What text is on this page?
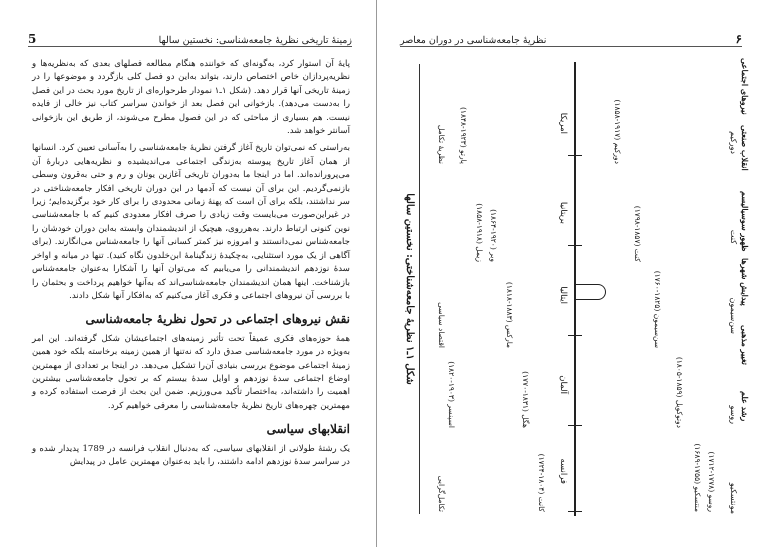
5	زمینهٔ تاریخی نظریهٔ جامعه‌شناسی: نخستین سالها

پایهٔ آن استوار کرد، به‌گونه‌ای که خواننده هنگام مطالعه فصلهای بعدی که به‌نظریه‌ها و نظریه‌پردازان خاص اختصاص دارند، بتواند به‌این دو فصل کلی بازگردد و موضوعها را در زمینهٔ تاریخی آنها قرار دهد. (شکل ۱ـ۱ نمودار طرحواره‌ای از تاریخ مورد بحث در این فصل را به‌دست می‌دهد). بازخوانی این فصل بعد از خواندن سراسر کتاب نیز خالی از فایده نیست. هم بسیاری از مباحثی که در این فصول مطرح می‌شوند، از طریق این بازخوانی آسانتر خواهد شد.

به‌راستی که نمی‌توان تاریخ آغاز گرفتن نظریهٔ جامعه‌شناسی را به‌آسانی تعیین کرد. انسانها از همان آغاز تاریخ پیوسته به‌زندگی اجتماعی می‌اندیشیده و نظریه‌هایی دربارهٔ آن می‌پرورانده‌اند. اما در اینجا ما به‌دوران تاریخی آغازین یونان و رم و حتی به‌قرون وسطی بازنمی‌گردیم. این برای آن نیست که آدمها در این دوران تاریخی افکار جامعه‌شناختی در سر نداشتند، بلکه برای آن است که پهنهٔ زمانی محدودی را برای کار خود برگزیده‌ایم؛ زیرا در غیراین‌صورت می‌بایست وقت زیادی را صرف افکار معدودی کنیم که با جامعه‌شناسی نوین کنونی ارتباط دارند. به‌هرروی، هیچیک از اندیشمندان وابسته به‌این دوران خودشان را جامعه‌شناس نمی‌دانستند و امروزه نیز کمتر کسانی آنها را جامعه‌شناس می‌انگارند. (برای آگاهی از یک مورد استثنایی، به‌چکیدهٔ زندگینامهٔ ابن‌خلدون نگاه کنید). تنها در میانه و اواخر سدهٔ نوزدهم اندیشمندانی را می‌یابیم که می‌توان آنها را آشکارا به‌عنوان جامعه‌شناس بازشناخت. اینها همان اندیشمندان جامعه‌شناسی‌اند که به‌آنها خواهیم پرداخت و بحثمان را با بررسی آن نیروهای اجتماعی و فکری آغاز می‌کنیم که به‌افکار آنها شکل دادند.

نقش نیروهای اجتماعی در تحول نظریهٔ جامعه‌شناسی

همهٔ حوزه‌های فکری عمیقاً تحت تأثیر زمینه‌های اجتماعیشان شکل گرفته‌اند. این امر به‌ویژه در مورد جامعه‌شناسی صدق دارد که نه‌تنها از همین زمینه برخاسته بلکه خود همین زمینهٔ اجتماعی موضوع بررسی بنیادی آن‌را تشکیل می‌دهد. در اینجا بر تعدادی از مهمترین اوضاع اجتماعی سدهٔ نوزدهم و اوایل سدهٔ بیستم که بر تحول جامعه‌شناسی بیشترین اهمیت را داشته‌اند، به‌اختصار تأکید می‌ورزیم. ضمن این بحث از فرصت استفاده کرده و مهمترین چهره‌های تاریخ نظریهٔ جامعه‌شناسی را معرفی خواهیم کرد.

انقلابهای سیاسی

یک رشتهٔ طولانی از انقلابهای سیاسی، که به‌دنبال انقلاب فرانسه در 1789 پدیدار شده و در سراسر سدهٔ نوزدهم ادامه داشتند، را باید به‌عنوان مهمترین عامل در پیدایش

نظریهٔ جامعه‌شناسی در دوران معاصر	۶
مونتسکیو
روسو
سن‌سیمون
کنت
دورکیم
روسو (۱۷۷۸-۱۷۱۲)
منتسکیو (۱۷۵۵-۱۶۸۹)
دوتوکویل (۱۸۵۹-۱۸۰۵)
سن‌سیمون (۱۸۲۵-۱۷۶۰)
کنت (۱۸۵۷-۱۷۹۸)
دورکیم (۱۹۱۷-۱۸۵۸)
فرانسه
آلمان
ایتالیا
بریتانیا
امریکا
کانت (۱۸۰۴-۱۷۲۴)
هگل (۱۸۳۱-۱۷۷۰)
مارکس (۱۸۸۳-۱۸۱۸)
وبر (۱۹۲۰-۱۸۶۴)
زیمل (۱۹۱۸-۱۸۵۸)
پارتو (۱۹۲۳-۱۸۴۸)
اسپنسر (۱۹۰۳-۱۸۲۰)
اقتصاد سیاسی
تکامل‌گرایی
نظریهٔ تکامل
شکل ۱ـ۱ نظریهٔ جامعه‌شناختی: نخستین سالها
نیروهای اجتماعی
انقلاب صنعتی
ظهور سوسیالیسم
پیدایش شهرها
تغییر مذهبی
رشد علم
